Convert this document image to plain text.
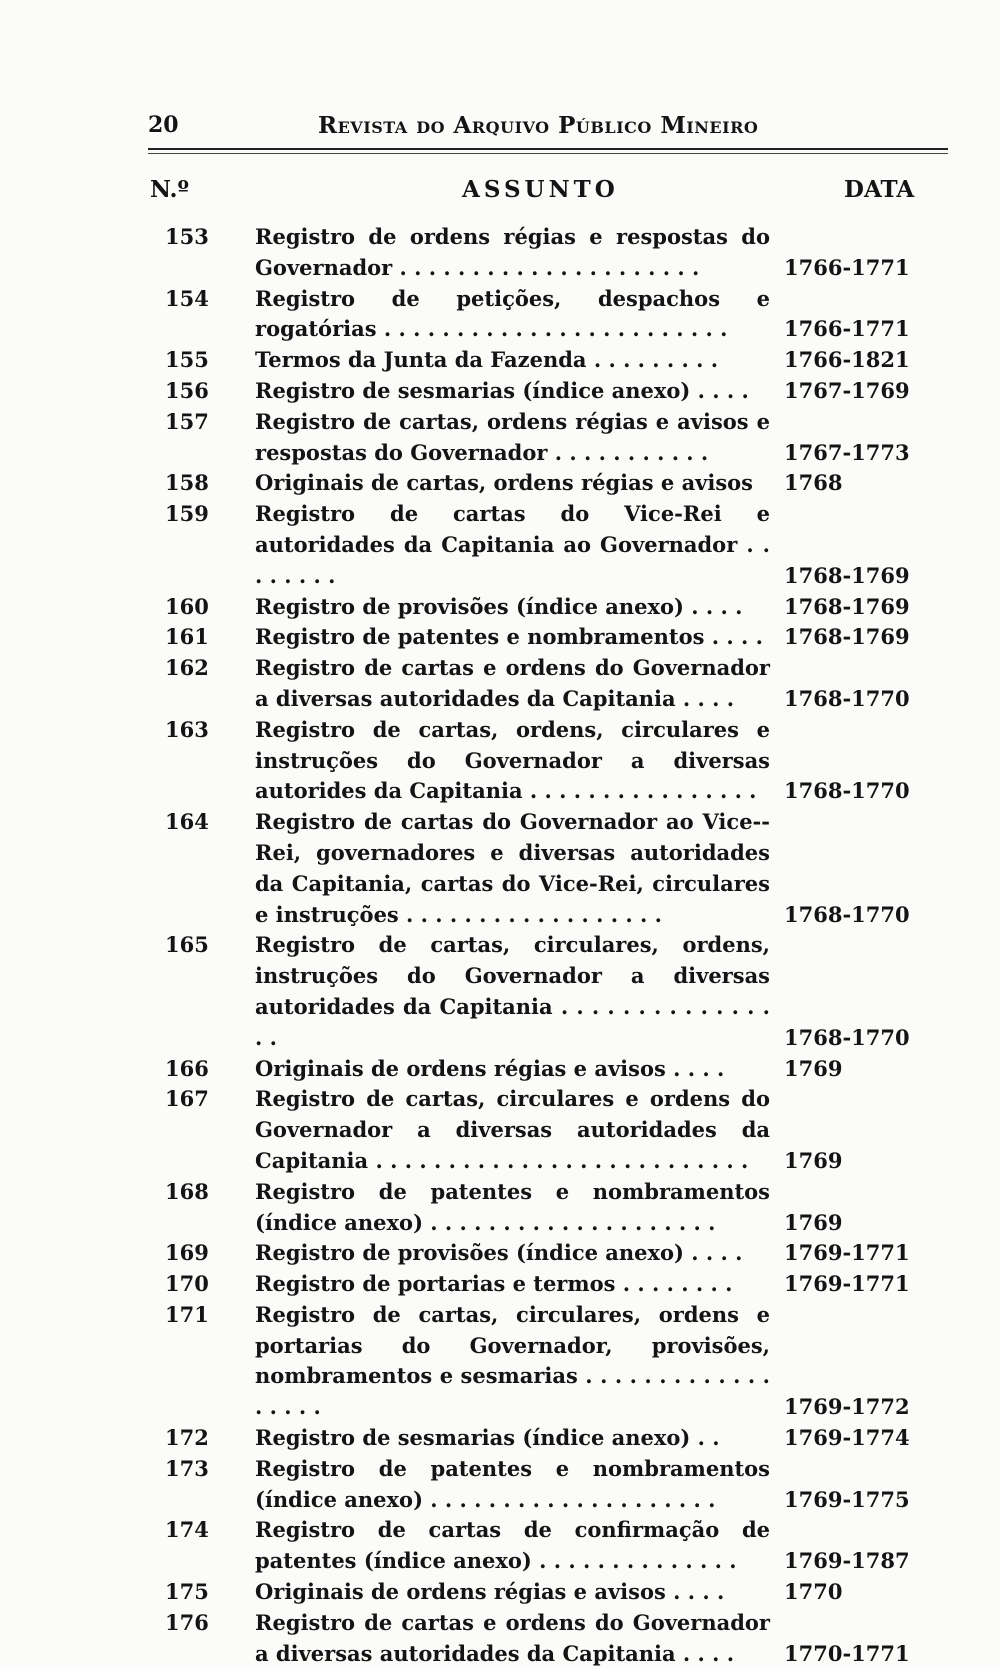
20	Revista do Arquivo Público Mineiro
N.º	ASSUNTO	DATA
153	Registro de ordens régias e respostas do Governador . . . . . . . . . . . . . . . . . . . . .	1766-1771
154	Registro de petições, despachos e rogatórias . . . . . . . . . . . . . . . . . . . . . . . .	1766-1771
155	Termos da Junta da Fazenda . . . . . . . . .	1766-1821
156	Registro de sesmarias (índice anexo) . . . .	1767-1769
157	Registro de cartas, ordens régias e avisos e respostas do Governador . . . . . . . . . . .	1767-1773
158	Originais de cartas, ordens régias e avisos	1768
159	Registro de cartas do Vice-Rei e autoridades da Capitania ao Governador . . . . . . . .	1768-1769
160	Registro de provisões (índice anexo) . . . .	1768-1769
161	Registro de patentes e nombramentos . . . .	1768-1769
162	Registro de cartas e ordens do Governador a diversas autoridades da Capitania . . . .	1768-1770
163	Registro de cartas, ordens, circulares e instruções do Governador a diversas autorides da Capitania . . . . . . . . . . . . . . . .	1768-1770
164	Registro de cartas do Governador ao Vice--Rei, governadores e diversas autoridades da Capitania, cartas do Vice-Rei, circulares e instruções . . . . . . . . . . . . . . . . . .	1768-1770
165	Registro de cartas, circulares, ordens, instruções do Governador a diversas autoridades da Capitania . . . . . . . . . . . . . . . .	1768-1770
166	Originais de ordens régias e avisos . . . .	1769
167	Registro de cartas, circulares e ordens do Governador a diversas autoridades da Capitania . . . . . . . . . . . . . . . . . . . . . . . . . .	1769
168	Registro de patentes e nombramentos (índice anexo) . . . . . . . . . . . . . . . . . . . .	1769
169	Registro de provisões (índice anexo) . . . .	1769-1771
170	Registro de portarias e termos . . . . . . . .	1769-1771
171	Registro de cartas, circulares, ordens e portarias do Governador, provisões, nombramentos e sesmarias . . . . . . . . . . . . . . . . . .	1769-1772
172	Registro de sesmarias (índice anexo) . .	1769-1774
173	Registro de patentes e nombramentos (índice anexo) . . . . . . . . . . . . . . . . . . . .	1769-1775
174	Registro de cartas de confirmação de patentes (índice anexo) . . . . . . . . . . . . . .	1769-1787
175	Originais de ordens régias e avisos . . . .	1770
176	Registro de cartas e ordens do Governador a diversas autoridades da Capitania . . . .	1770-1771
